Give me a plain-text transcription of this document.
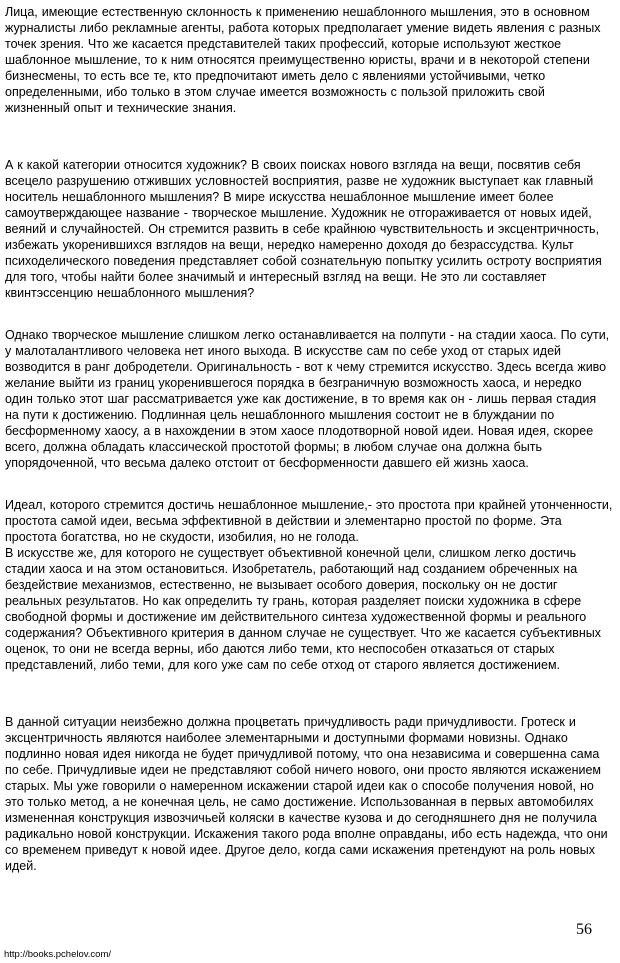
Лица, имеющие естественную склонность к применению нешаблонного мышления, это в основном журналисты либо рекламные агенты, работа которых предполагает умение видеть явления с разных точек зрения. Что же касается представителей таких профессий, которые используют жесткое шаблонное мышление, то к ним относятся преимущественно юристы, врачи и в некоторой степени бизнесмены, то есть все те, кто предпочитают иметь дело с явлениями устойчивыми, четко определенными, ибо только в этом случае имеется возможность с пользой приложить свой жизненный опыт и технические знания.

А к какой категории относится художник? В своих поисках нового взгляда на вещи, посвятив себя всецело разрушению отживших условностей восприятия, разве не художник выступает как главный носитель нешаблонного мышления? В мире искусства нешаблонное мышление имеет более самоутверждающее название - творческое мышление. Художник не отгораживается от новых идей, веяний и случайностей. Он стремится развить в себе крайнюю чувствительность и эксцентричность, избежать укоренившихся взглядов на вещи, нередко намеренно доходя до безрассудства. Культ психоделического поведения представляет собой сознательную попытку усилить остроту восприятия для того, чтобы найти более значимый и интересный взгляд на вещи. Не это ли составляет квинтэссенцию нешаблонного мышления?

Однако творческое мышление слишком легко останавливается на полпути - на стадии хаоса. По сути, у малоталантливого человека нет иного выхода. В искусстве сам по себе уход от старых идей возводится в ранг добродетели. Оригинальность - вот к чему стремится искусство. Здесь всегда живо желание выйти из границ укоренившегося порядка в безграничную возможность хаоса, и нередко один только этот шаг рассматривается уже как достижение, в то время как он - лишь первая стадия на пути к достижению. Подлинная цель нешаблонного мышления состоит не в блуждании по бесформенному хаосу, а в нахождении в этом хаосе плодотворной новой идеи. Новая идея, скорее всего, должна обладать классической простотой формы; в любом случае она должна быть упорядоченной, что весьма далеко отстоит от бесформенности давшего ей жизнь хаоса.

Идеал, которого стремится достичь нешаблонное мышление,- это простота при крайней утонченности, простота самой идеи, весьма эффективной в действии и элементарно простой по форме. Эта простота богатства, но не скудости, изобилия, но не голода.

В искусстве же, для которого не существует объективной конечной цели, слишком легко достичь стадии хаоса и на этом остановиться. Изобретатель, работающий над созданием обреченных на бездействие механизмов, естественно, не вызывает особого доверия, поскольку он не достиг реальных результатов. Но как определить ту грань, которая разделяет поиски художника в сфере свободной формы и достижение им действительного синтеза художественной формы и реального содержания? Объективного критерия в данном случае не существует. Что же касается субъективных оценок, то они не всегда верны, ибо даются либо теми, кто неспособен отказаться от старых представлений, либо теми, для кого уже сам по себе отход от старого является достижением.

В данной ситуации неизбежно должна процветать причудливость ради причудливости. Гротеск и эксцентричность являются наиболее элементарными и доступными формами новизны. Однако подлинно новая идея никогда не будет причудливой потому, что она независима и совершенна сама по себе. Причудливые идеи не представляют собой ничего нового, они просто являются искажением старых. Мы уже говорили о намеренном искажении старой идеи как о способе получения новой, но это только метод, а не конечная цель, не само достижение. Использованная в первых автомобилях измененная конструкция извозчичьей коляски в качестве кузова и до сегодняшнего дня не получила радикально новой конструкции. Искажения такого рода вполне оправданы, ибо есть надежда, что они со временем приведут к новой идее. Другое дело, когда сами искажения претендуют на роль новых идей.

56
http://books.pchelov.com/
